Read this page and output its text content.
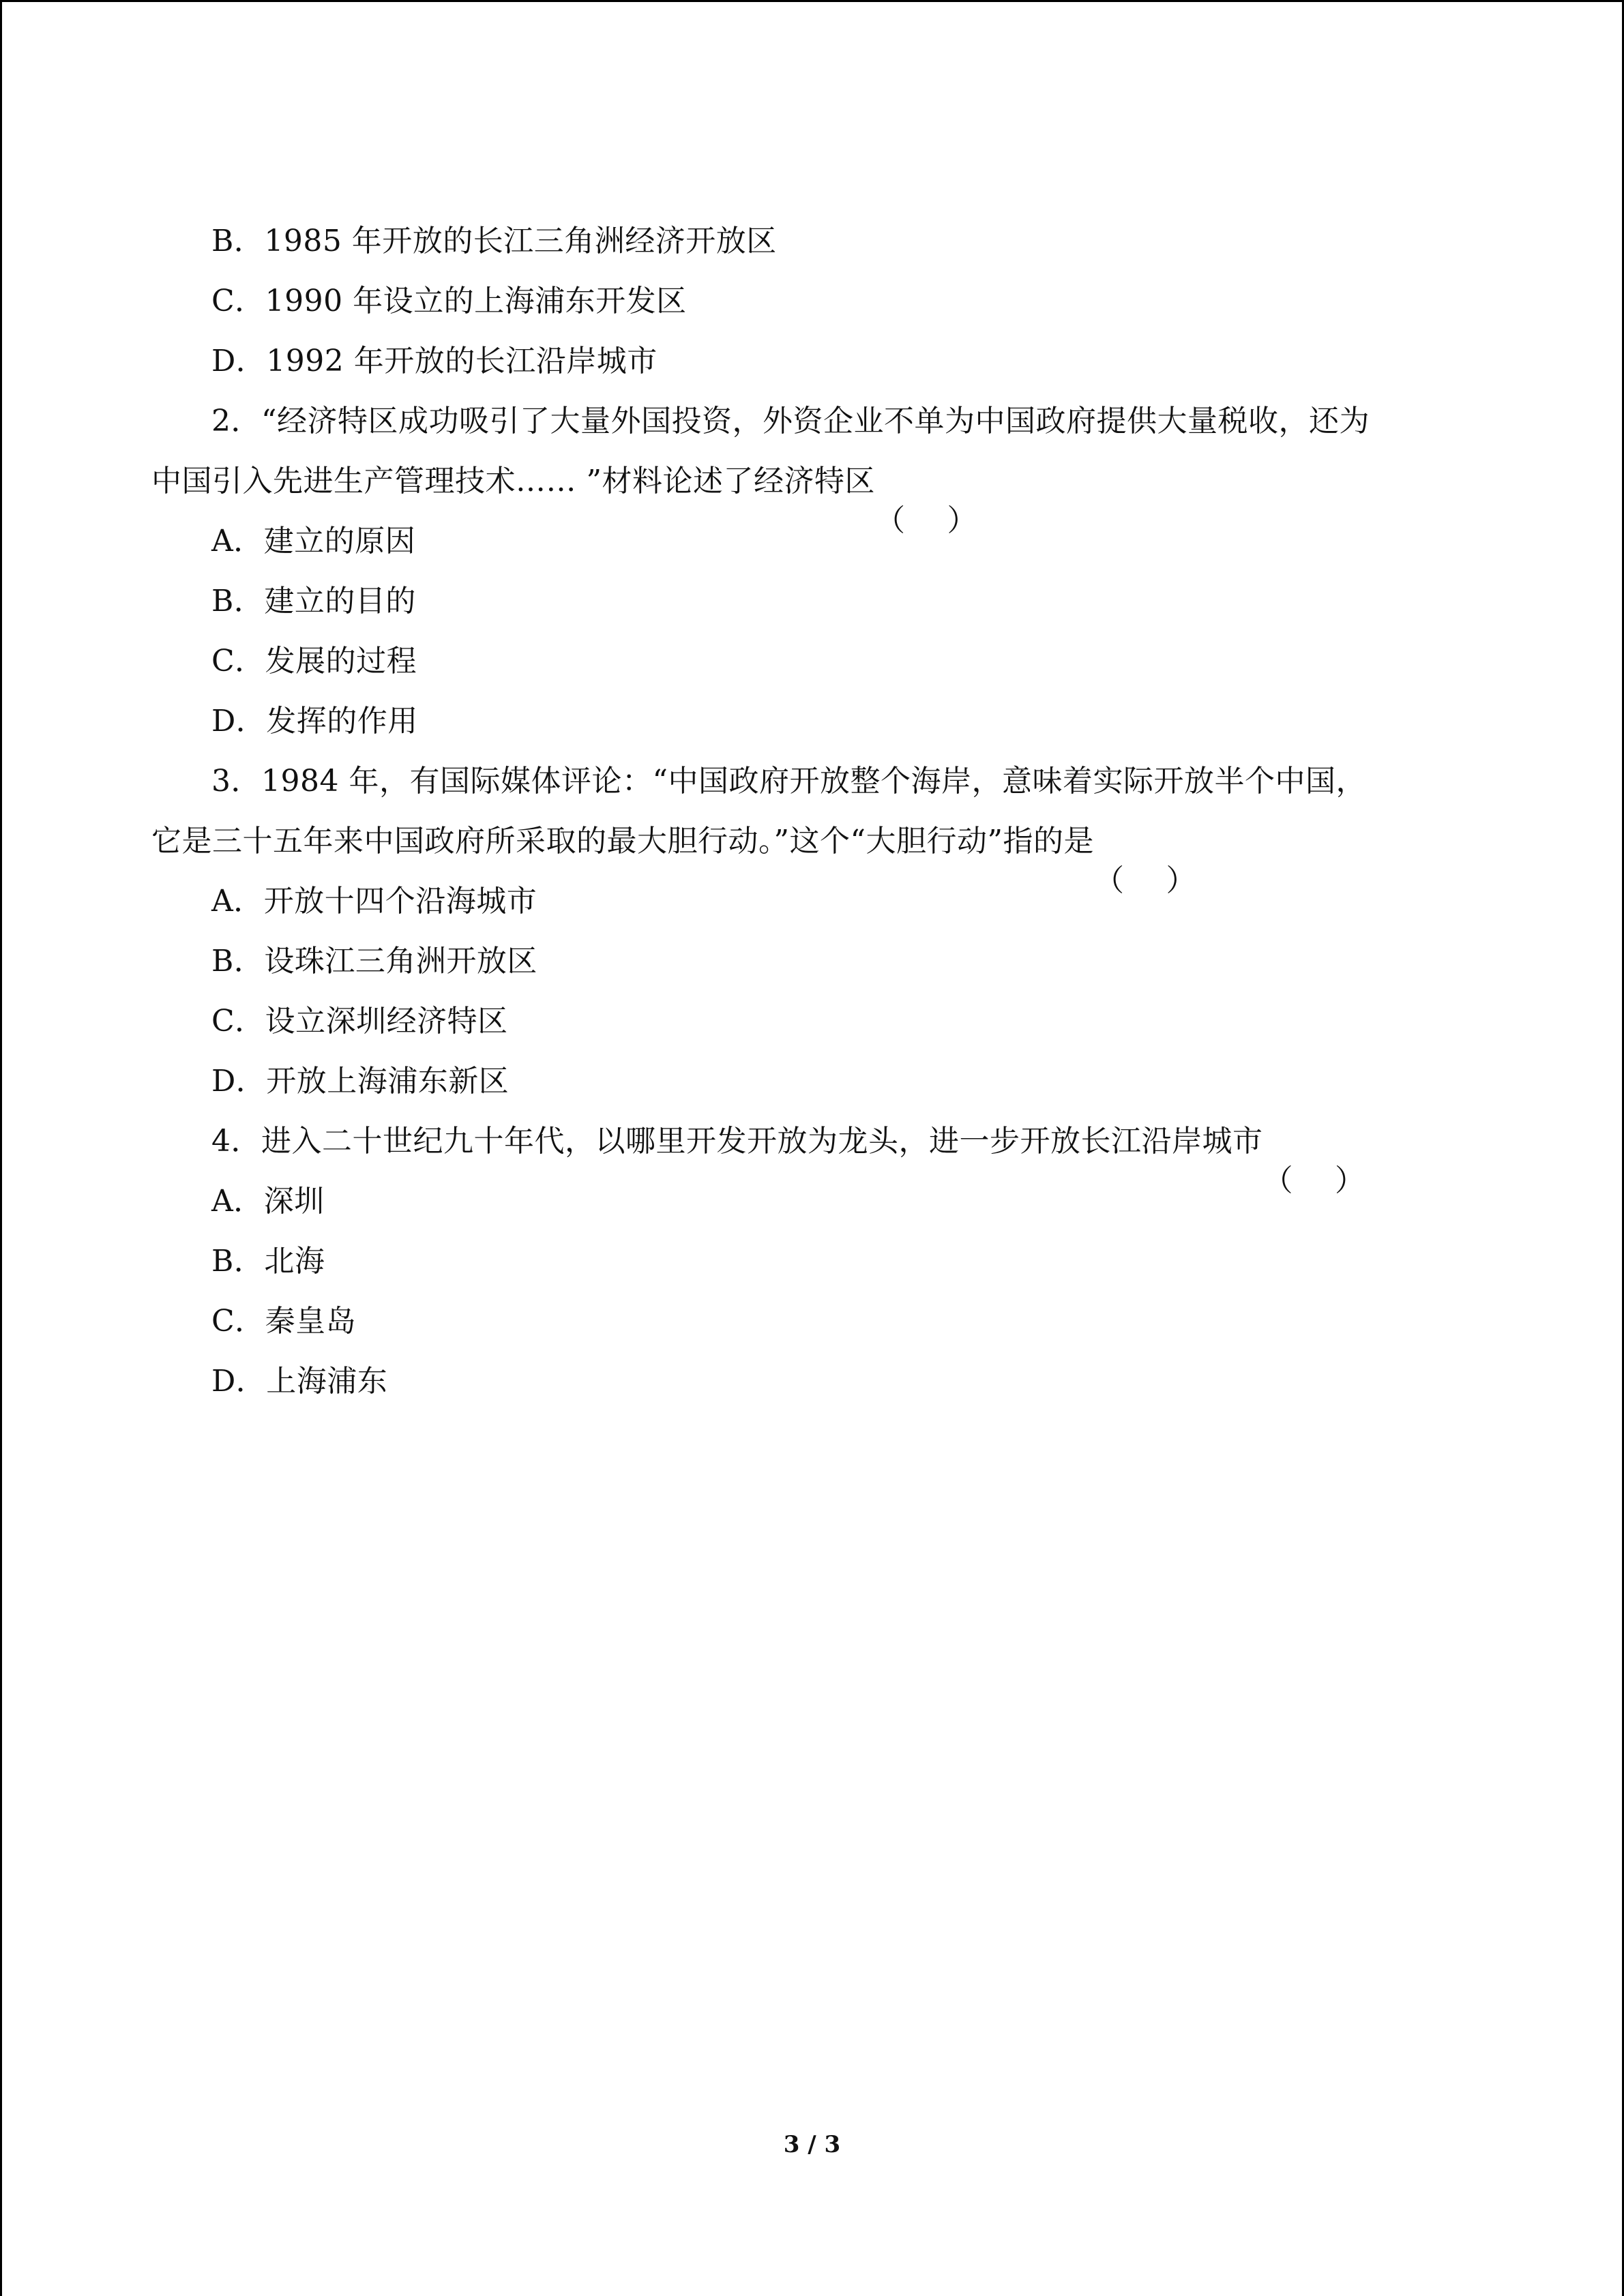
B．1985 年开放的长江三角洲经济开放区
C．1990 年设立的上海浦东开发区
D．1992 年开放的长江沿岸城市
2．“经济特区成功吸引了大量外国投资，外资企业不单为中国政府提供大量税收，还为
中国引入先进生产管理技术…… ”材料论述了经济特区
A．建立的原因
B．建立的目的
C．发展的过程
D．发挥的作用
3．1984 年，有国际媒体评论：“中国政府开放整个海岸，意味着实际开放半个中国，
它是三十五年来中国政府所采取的最大胆行动。”这个“大胆行动”指的是
A．开放十四个沿海城市
B．设珠江三角洲开放区
C．设立深圳经济特区
D．开放上海浦东新区
4．进入二十世纪九十年代，以哪里开发开放为龙头，进一步开放长江沿岸城市
A．深圳
B．北海
C．秦皇岛
D．上海浦东
3 / 3
